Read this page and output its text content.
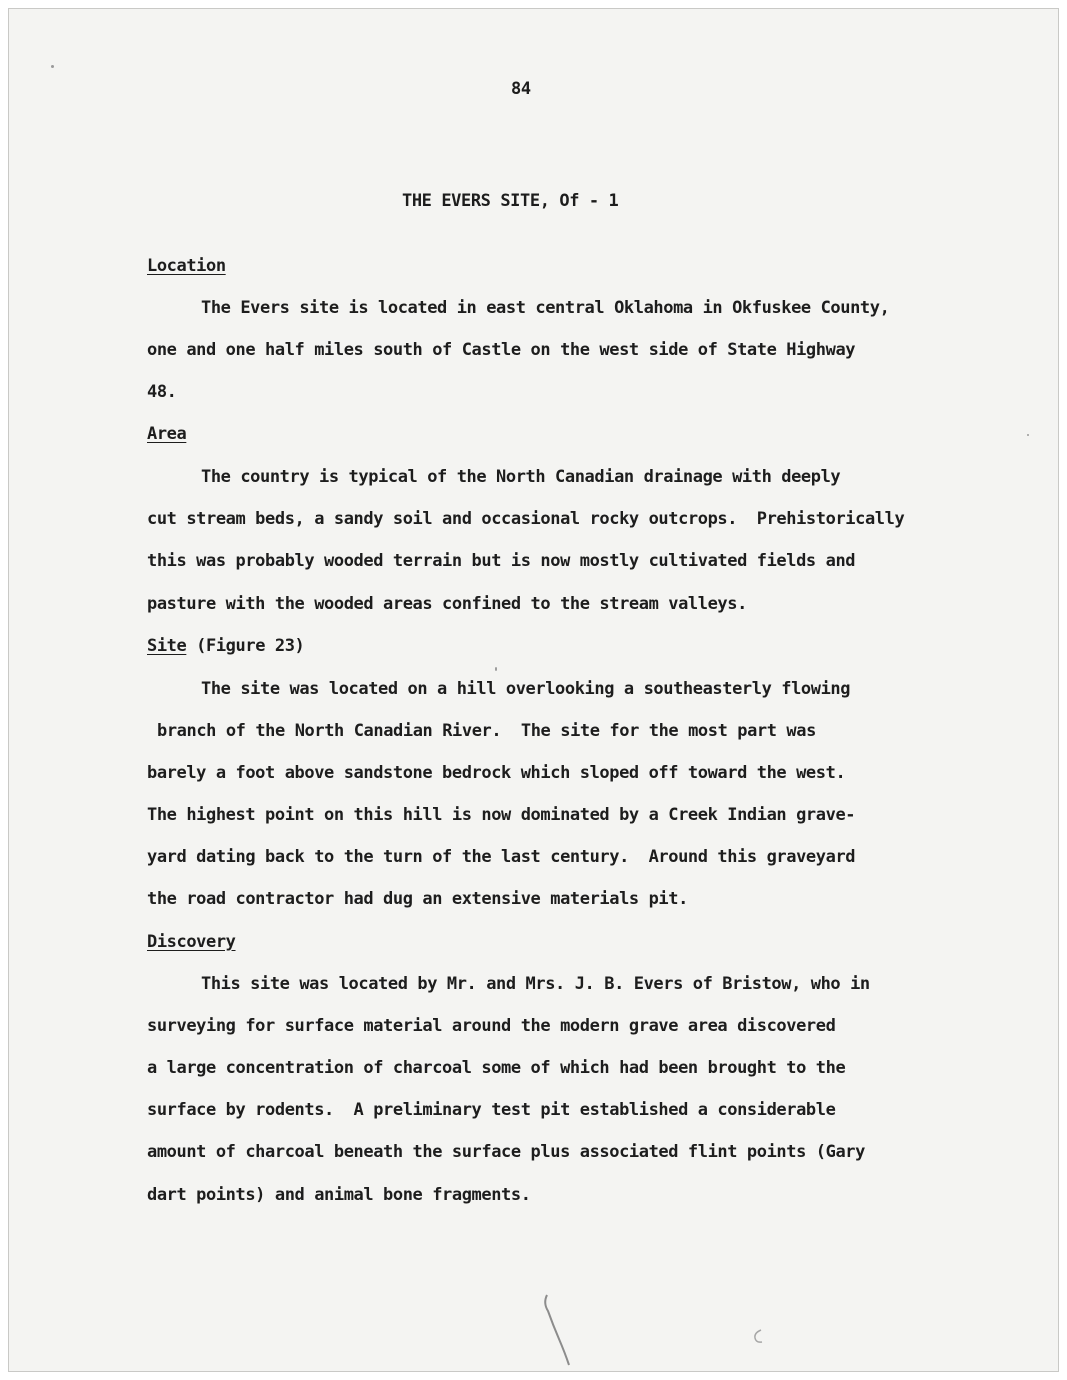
84
THE EVERS SITE, Of - 1
Location
The Evers site is located in east central Oklahoma in Okfuskee County,
one and one half miles south of Castle on the west side of State Highway
48.
Area
The country is typical of the North Canadian drainage with deeply
cut stream beds, a sandy soil and occasional rocky outcrops.  Prehistorically
this was probably wooded terrain but is now mostly cultivated fields and
pasture with the wooded areas confined to the stream valleys.
Site (Figure 23)
The site was located on a hill overlooking a southeasterly flowing
branch of the North Canadian River.  The site for the most part was
barely a foot above sandstone bedrock which sloped off toward the west.
The highest point on this hill is now dominated by a Creek Indian grave-
yard dating back to the turn of the last century.  Around this graveyard
the road contractor had dug an extensive materials pit.
Discovery
This site was located by Mr. and Mrs. J. B. Evers of Bristow, who in
surveying for surface material around the modern grave area discovered
a large concentration of charcoal some of which had been brought to the
surface by rodents.  A preliminary test pit established a considerable
amount of charcoal beneath the surface plus associated flint points (Gary
dart points) and animal bone fragments.
